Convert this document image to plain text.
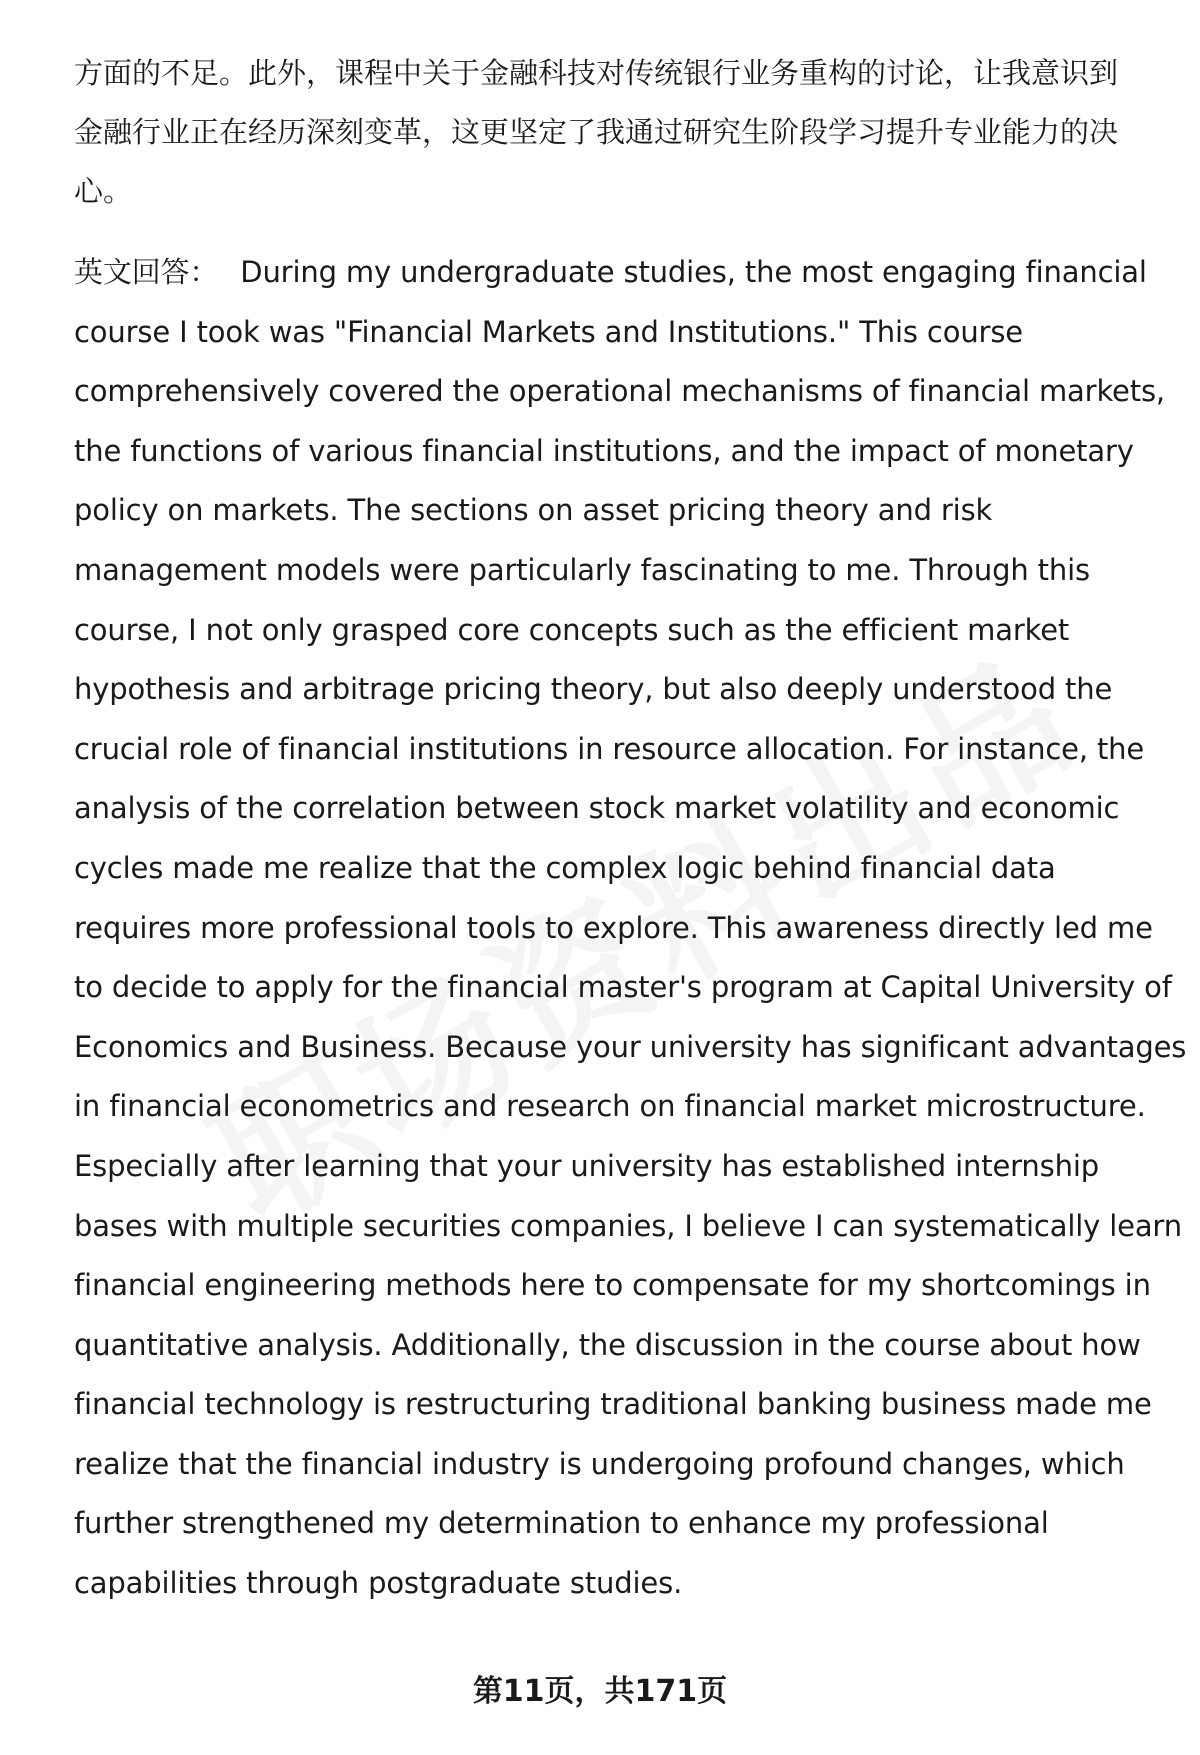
方面的不足。此外，课程中关于金融科技对传统银行业务重构的讨论，让我意识到

金融行业正在经历深刻变革，这更坚定了我通过研究生阶段学习提升专业能力的决

心。

英文回答： During my undergraduate studies, the most engaging financial

course I took was "Financial Markets and Institutions." This course

comprehensively covered the operational mechanisms of financial markets,

the functions of various financial institutions, and the impact of monetary

policy on markets. The sections on asset pricing theory and risk

management models were particularly fascinating to me. Through this

course, I not only grasped core concepts such as the efficient market

hypothesis and arbitrage pricing theory, but also deeply understood the

crucial role of financial institutions in resource allocation. For instance, the

analysis of the correlation between stock market volatility and economic

cycles made me realize that the complex logic behind financial data

requires more professional tools to explore. This awareness directly led me

to decide to apply for the financial master's program at Capital University of

Economics and Business. Because your university has significant advantages

in financial econometrics and research on financial market microstructure.

Especially after learning that your university has established internship

bases with multiple securities companies, I believe I can systematically learn

financial engineering methods here to compensate for my shortcomings in

quantitative analysis. Additionally, the discussion in the course about how

financial technology is restructuring traditional banking business made me

realize that the financial industry is undergoing profound changes, which

further strengthened my determination to enhance my professional

capabilities through postgraduate studies.

第11页，共171页
